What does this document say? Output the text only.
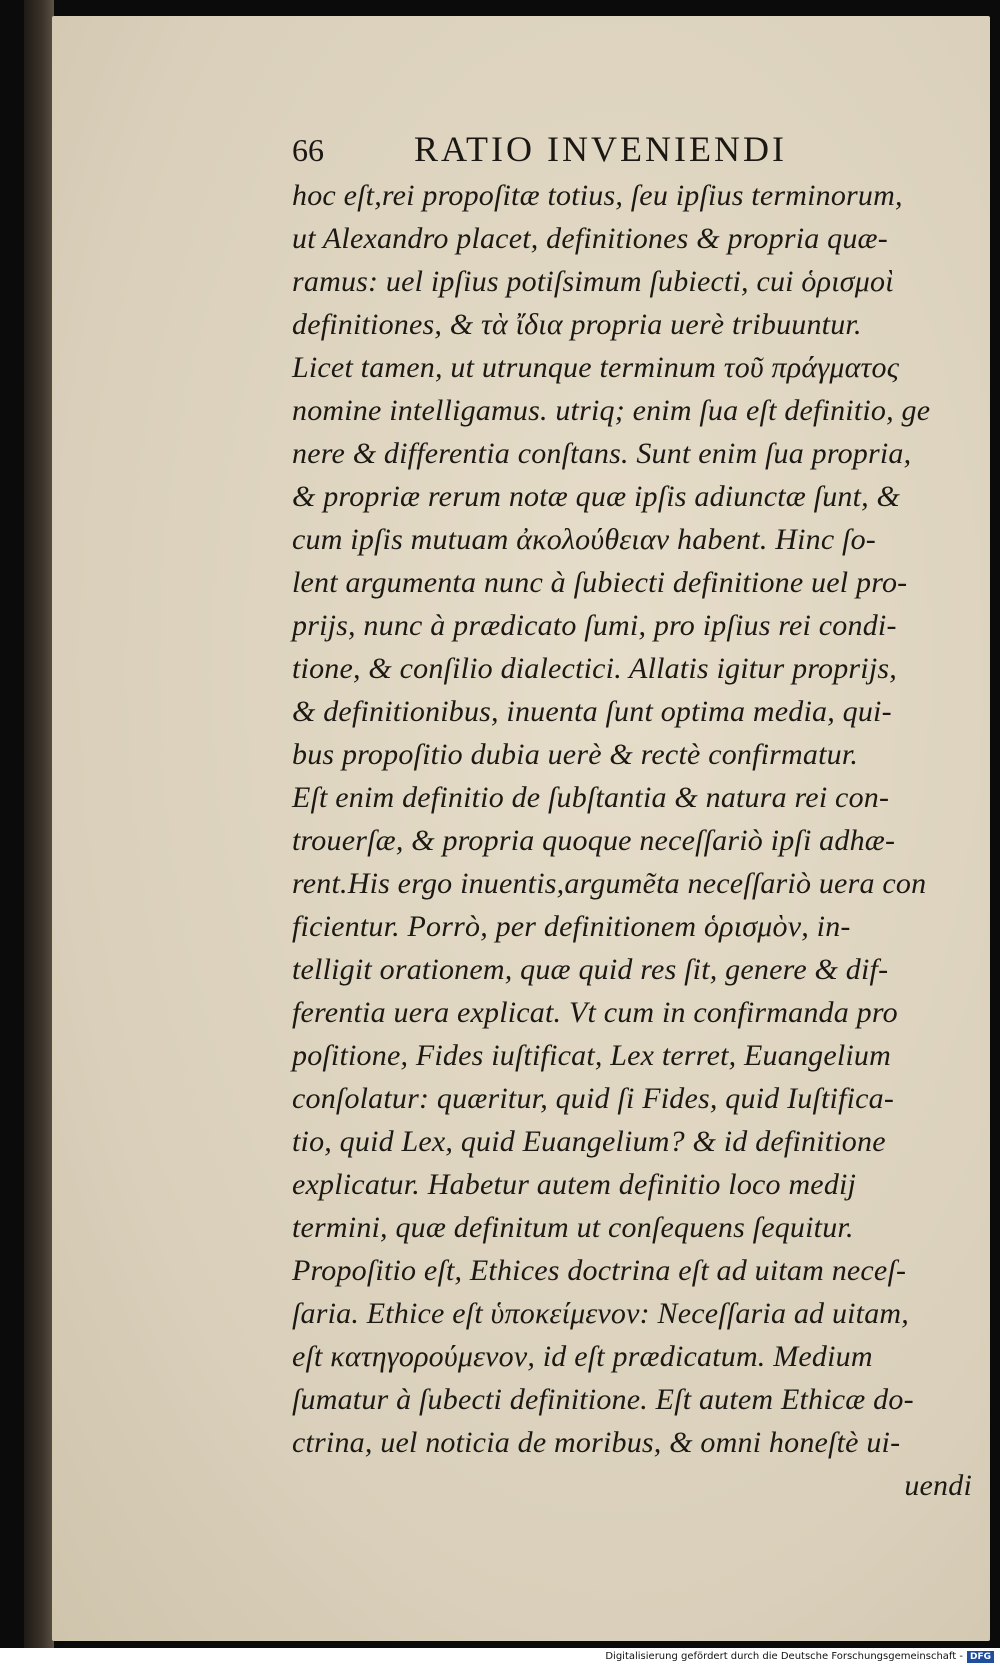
66	RATIO INVENIENDI
hoc eſt,rei propoſitæ totius, ſeu ipſius terminorum,
ut Alexandro placet, definitiones & propria quæ-
ramus: uel ipſius potiſsimum ſubiecti, cui ὁρισμοὶ
definitiones, & τὰ ἴδια propria uerè tribuuntur.
Licet tamen, ut utrunque terminum τοῦ πράγματος
nomine intelligamus. utriq; enim ſua eſt definitio, ge
nere & differentia conſtans. Sunt enim ſua propria,
& propriæ rerum notæ quæ ipſis adiunctæ ſunt, &
cum ipſis mutuam ἀκολούθειαν habent. Hinc ſo-
lent argumenta nunc à ſubiecti definitione uel pro-
prijs, nunc à prædicato ſumi, pro ipſius rei condi-
tione, & conſilio dialectici. Allatis igitur proprijs,
& definitionibus, inuenta ſunt optima media, qui-
bus propoſitio dubia uerè & rectè confirmatur.
Eſt enim definitio de ſubſtantia & natura rei con-
trouerſæ, & propria quoque neceſſariò ipſi adhæ-
rent.His ergo inuentis,argumẽta neceſſariò uera con
ficientur. Porrò, per definitionem ὁρισμὸν, in-
telligit orationem, quæ quid res ſit, genere & dif-
ferentia uera explicat. Vt cum in confirmanda pro
poſitione, Fides iuſtificat, Lex terret, Euangelium
conſolatur: quæritur, quid ſi Fides, quid Iuſtifica-
tio, quid Lex, quid Euangelium? & id definitione
explicatur. Habetur autem definitio loco medij
termini, quæ definitum ut conſequens ſequitur.
Propoſitio eſt, Ethices doctrina eſt ad uitam neceſ-
ſaria. Ethice eſt ὑποκείμενον: Neceſſaria ad uitam,
eſt κατηγορούμενον, id eſt prædicatum. Medium
ſumatur à ſubecti definitione. Eſt autem Ethicæ do-
ctrina, uel noticia de moribus, & omni honeſtè ui-
uendi
Digitalisierung gefördert durch die Deutsche Forschungsgemeinschaft - DFG
